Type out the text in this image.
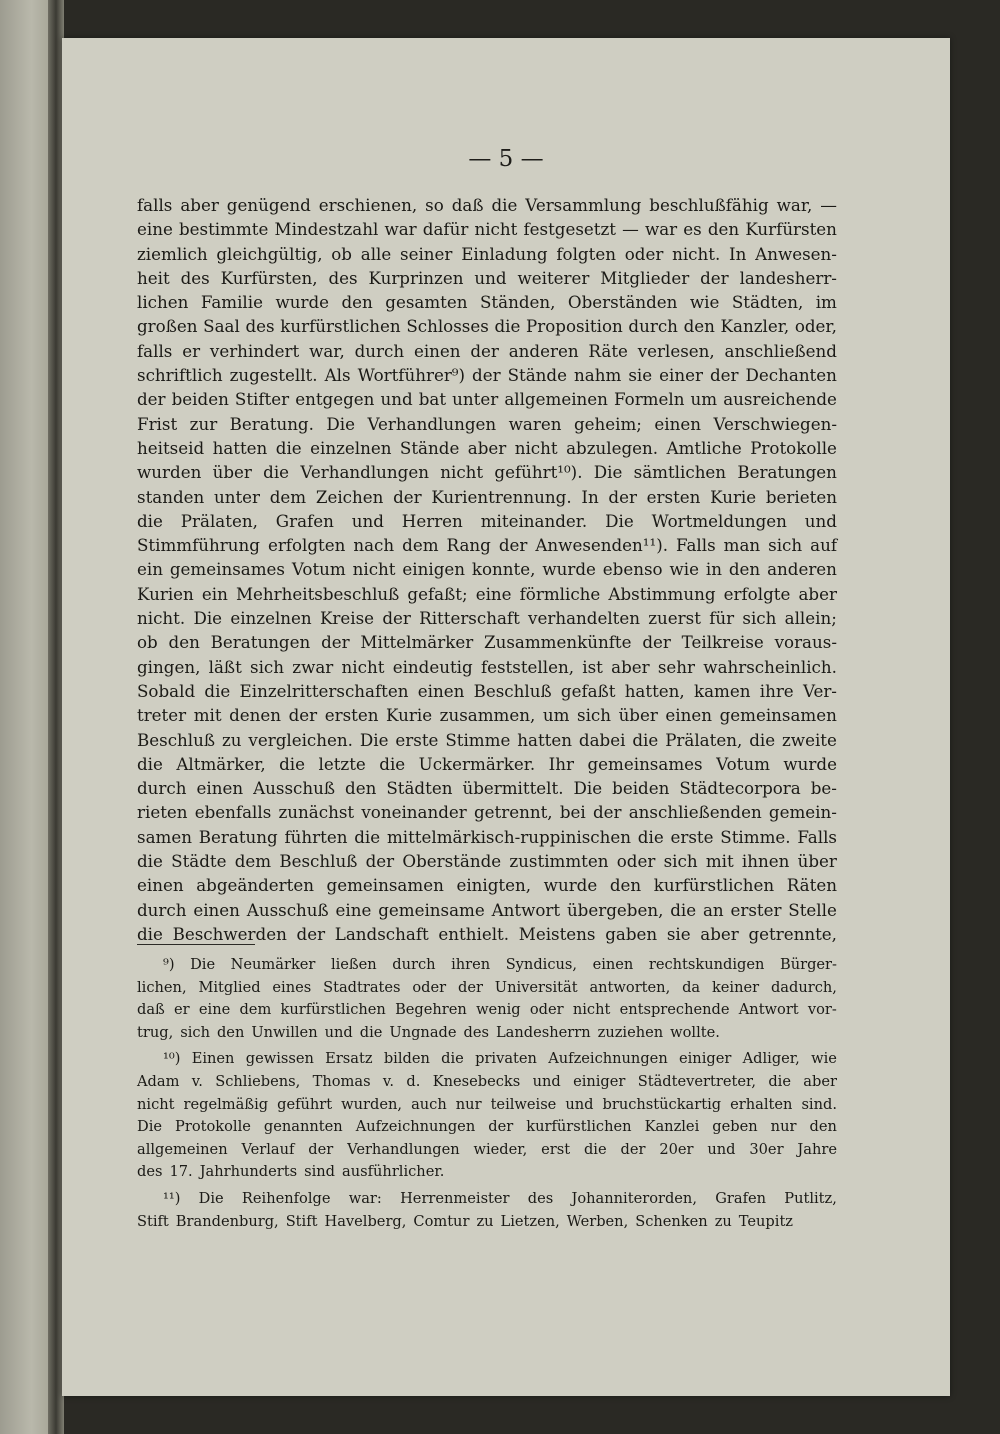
— 5 —
falls aber genügend erschienen, so daß die Versammlung beschlußfähig war, —
eine bestimmte Mindestzahl war dafür nicht festgesetzt — war es den Kurfürsten
ziemlich gleichgültig, ob alle seiner Einladung folgten oder nicht. In Anwesen-
heit des Kurfürsten, des Kurprinzen und weiterer Mitglieder der landesherr-
lichen Familie wurde den gesamten Ständen, Oberständen wie Städten, im
großen Saal des kurfürstlichen Schlosses die Proposition durch den Kanzler, oder,
falls er verhindert war, durch einen der anderen Räte verlesen, anschließend
schriftlich zugestellt. Als Wortführer⁹) der Stände nahm sie einer der Dechanten
der beiden Stifter entgegen und bat unter allgemeinen Formeln um ausreichende
Frist zur Beratung. Die Verhandlungen waren geheim; einen Verschwiegen-
heitseid hatten die einzelnen Stände aber nicht abzulegen. Amtliche Protokolle
wurden über die Verhandlungen nicht geführt¹⁰). Die sämtlichen Beratungen
standen unter dem Zeichen der Kurientrennung. In der ersten Kurie berieten
die Prälaten, Grafen und Herren miteinander. Die Wortmeldungen und
Stimmführung erfolgten nach dem Rang der Anwesenden¹¹). Falls man sich auf
ein gemeinsames Votum nicht einigen konnte, wurde ebenso wie in den anderen
Kurien ein Mehrheitsbeschluß gefaßt; eine förmliche Abstimmung erfolgte aber
nicht. Die einzelnen Kreise der Ritterschaft verhandelten zuerst für sich allein;
ob den Beratungen der Mittelmärker Zusammenkünfte der Teilkreise voraus-
gingen, läßt sich zwar nicht eindeutig feststellen, ist aber sehr wahrscheinlich.
Sobald die Einzelritterschaften einen Beschluß gefaßt hatten, kamen ihre Ver-
treter mit denen der ersten Kurie zusammen, um sich über einen gemeinsamen
Beschluß zu vergleichen. Die erste Stimme hatten dabei die Prälaten, die zweite
die Altmärker, die letzte die Uckermärker. Ihr gemeinsames Votum wurde
durch einen Ausschuß den Städten übermittelt. Die beiden Städtecorpora be-
rieten ebenfalls zunächst voneinander getrennt, bei der anschließenden gemein-
samen Beratung führten die mittelmärkisch-ruppinischen die erste Stimme. Falls
die Städte dem Beschluß der Oberstände zustimmten oder sich mit ihnen über
einen abgeänderten gemeinsamen einigten, wurde den kurfürstlichen Räten
durch einen Ausschuß eine gemeinsame Antwort übergeben, die an erster Stelle
die Beschwerden der Landschaft enthielt. Meistens gaben sie aber getrennte,
⁹) Die Neumärker ließen durch ihren Syndicus, einen rechtskundigen Bürger-
lichen, Mitglied eines Stadtrates oder der Universität antworten, da keiner dadurch,
daß er eine dem kurfürstlichen Begehren wenig oder nicht entsprechende Antwort vor-
trug, sich den Unwillen und die Ungnade des Landesherrn zuziehen wollte.
¹⁰) Einen gewissen Ersatz bilden die privaten Aufzeichnungen einiger Adliger, wie
Adam v. Schliebens, Thomas v. d. Knesebecks und einiger Städtevertreter, die aber
nicht regelmäßig geführt wurden, auch nur teilweise und bruchstückartig erhalten sind.
Die Protokolle genannten Aufzeichnungen der kurfürstlichen Kanzlei geben nur den
allgemeinen Verlauf der Verhandlungen wieder, erst die der 20er und 30er Jahre
des 17. Jahrhunderts sind ausführlicher.
¹¹) Die Reihenfolge war: Herrenmeister des Johanniterorden, Grafen Putlitz,
Stift Brandenburg, Stift Havelberg, Comtur zu Lietzen, Werben, Schenken zu Teupitz
